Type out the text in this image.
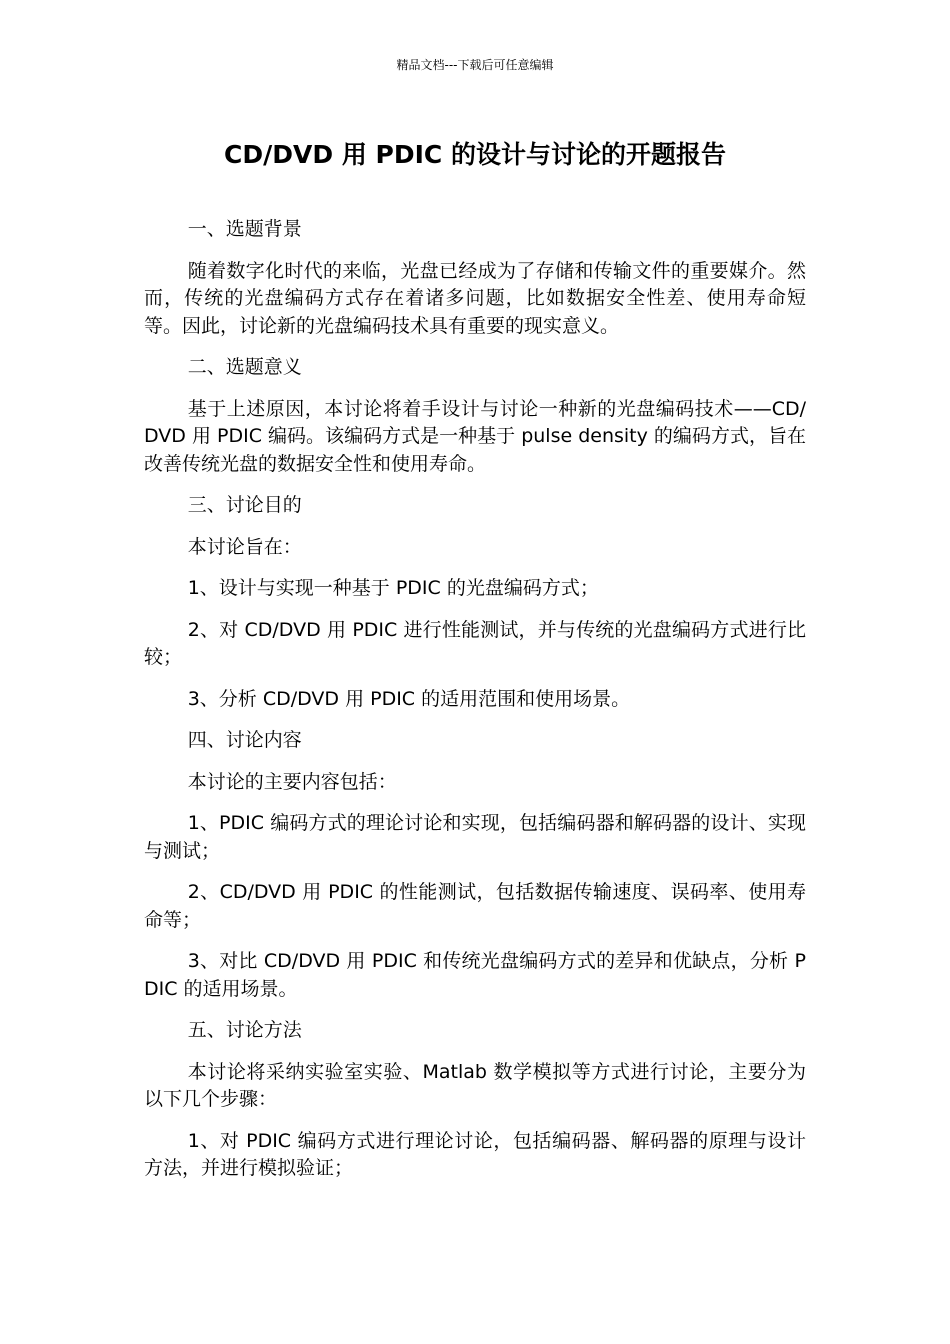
精品文档---下载后可任意编辑
CD/DVD 用 PDIC 的设计与讨论的开题报告

一、选题背景

随着数字化时代的来临，光盘已经成为了存储和传输文件的重要媒介。然而，传统的光盘编码方式存在着诸多问题，比如数据安全性差、使用寿命短等。因此，讨论新的光盘编码技术具有重要的现实意义。

二、选题意义

基于上述原因，本讨论将着手设计与讨论一种新的光盘编码技术——CD/DVD 用 PDIC 编码。该编码方式是一种基于 pulse density 的编码方式，旨在改善传统光盘的数据安全性和使用寿命。

三、讨论目的

本讨论旨在：

1、设计与实现一种基于 PDIC 的光盘编码方式；

2、对 CD/DVD 用 PDIC 进行性能测试，并与传统的光盘编码方式进行比较；

3、分析 CD/DVD 用 PDIC 的适用范围和使用场景。

四、讨论内容

本讨论的主要内容包括：

1、PDIC 编码方式的理论讨论和实现，包括编码器和解码器的设计、实现与测试；

2、CD/DVD 用 PDIC 的性能测试，包括数据传输速度、误码率、使用寿命等；

3、对比 CD/DVD 用 PDIC 和传统光盘编码方式的差异和优缺点，分析 PDIC 的适用场景。

五、讨论方法

本讨论将采纳实验室实验、Matlab 数学模拟等方式进行讨论，主要分为以下几个步骤：

1、对 PDIC 编码方式进行理论讨论，包括编码器、解码器的原理与设计方法，并进行模拟验证；
